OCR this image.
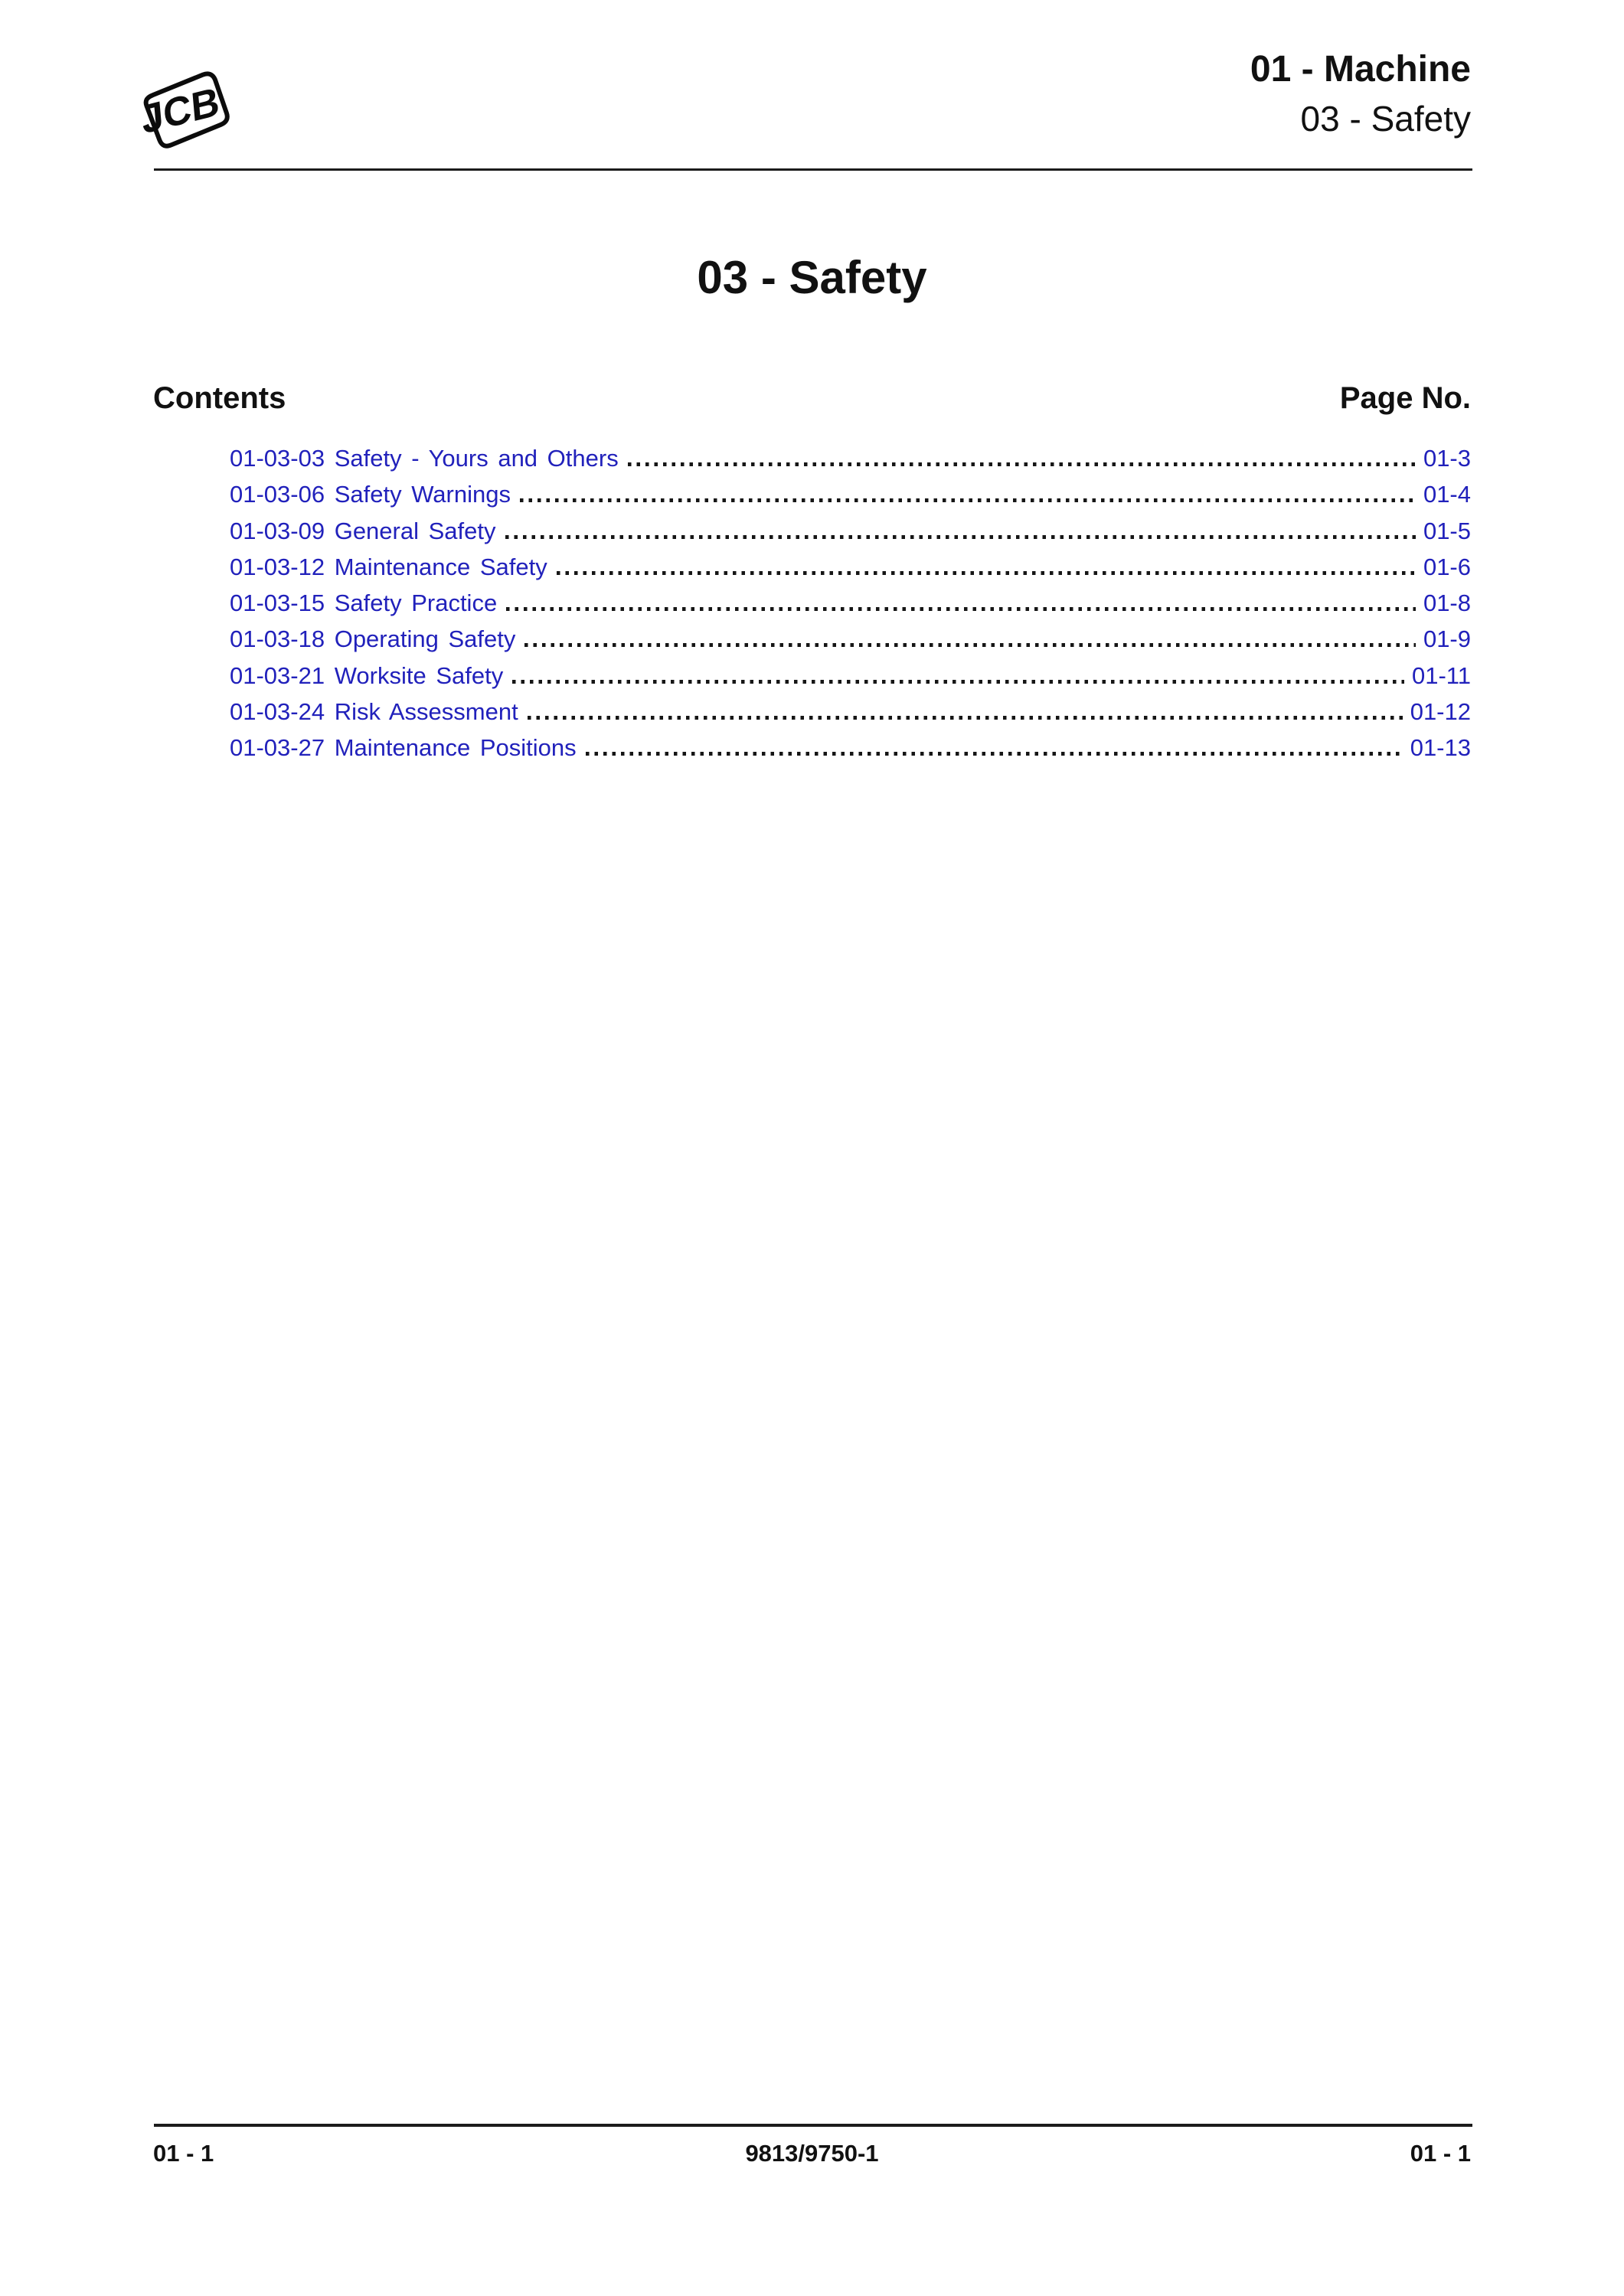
JCB
01 - Machine
03 - Safety
03 - Safety
Contents	Page No.
01-03-03 Safety - Yours and Others	01-3
01-03-06 Safety Warnings	01-4
01-03-09 General Safety	01-5
01-03-12 Maintenance Safety	01-6
01-03-15 Safety Practice	01-8
01-03-18 Operating Safety	01-9
01-03-21 Worksite Safety	01-11
01-03-24 Risk Assessment	01-12
01-03-27 Maintenance Positions	01-13
01 - 1	9813/9750-1	01 - 1
